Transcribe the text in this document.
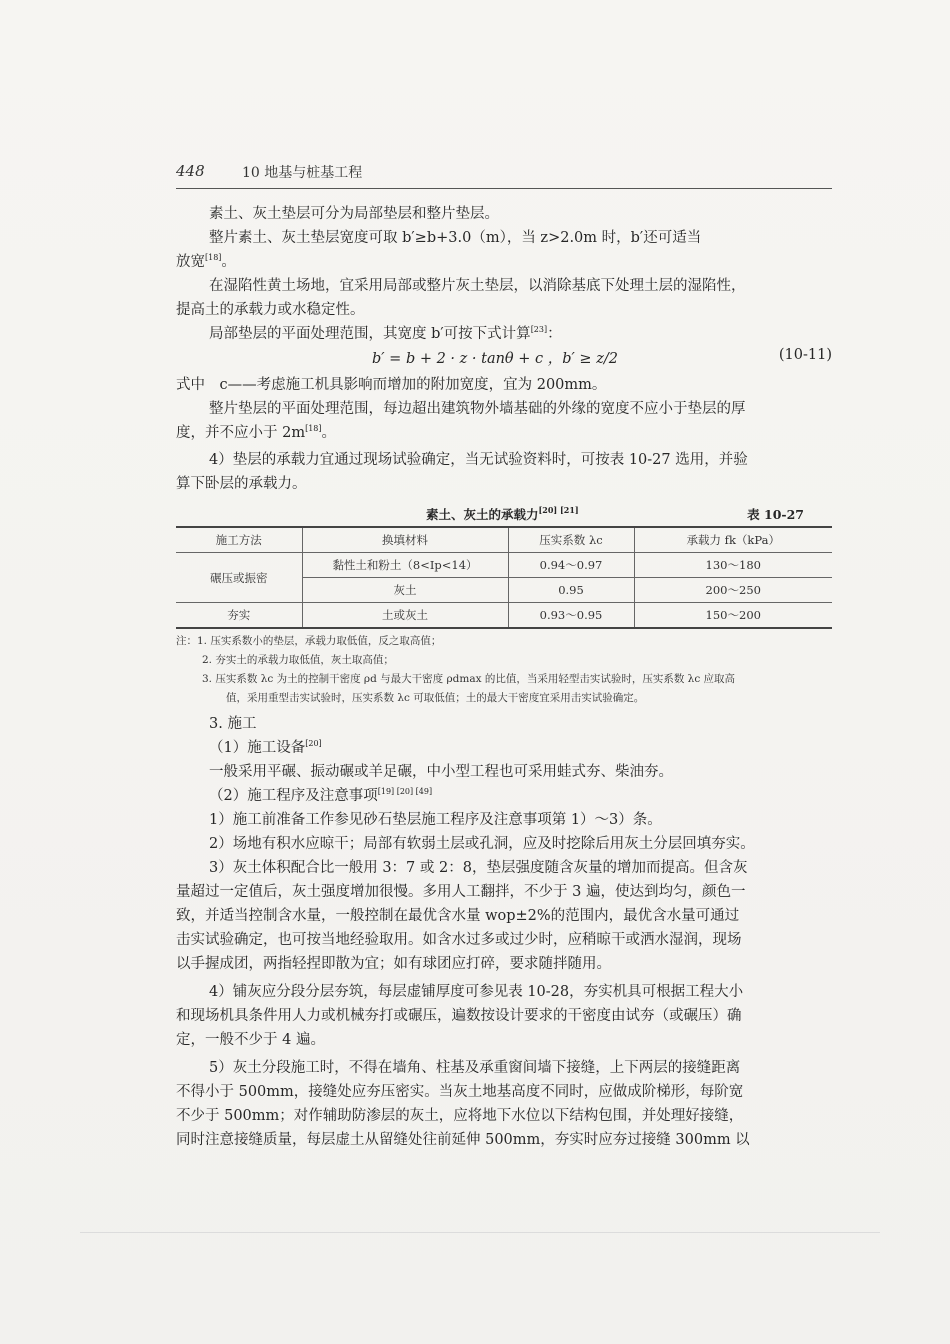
448	10 地基与桩基工程

素土、灰土垫层可分为局部垫层和整片垫层。

整片素土、灰土垫层宽度可取 b′≥b+3.0（m），当 z>2.0m 时，b′还可适当

放宽[18]。

在湿陷性黄土场地，宜采用局部或整片灰土垫层，以消除基底下处理土层的湿陷性，

提高土的承载力或水稳定性。

局部垫层的平面处理范围，其宽度 b′可按下式计算[23]：

b′ = b + 2 · z · tanθ + c ，b′ ≥ z/2	(10-11)

式中　c——考虑施工机具影响而增加的附加宽度，宜为 200mm。

整片垫层的平面处理范围，每边超出建筑物外墙基础的外缘的宽度不应小于垫层的厚

度，并不应小于 2m[18]。

4）垫层的承载力宜通过现场试验确定，当无试验资料时，可按表 10-27 选用，并验

算下卧层的承载力。

素土、灰土的承载力[20] [21]	表 10-27
施工方法	换填材料	压实系数 λc	承载力 fk（kPa）
碾压或振密	黏性土和粉土（8<Ip<14）	0.94～0.97	130～180
	灰土	0.95	200～250
夯实	土或灰土	0.93～0.95	150～200

注：1. 压实系数小的垫层，承载力取低值，反之取高值；

2. 夯实土的承载力取低值，灰土取高值；

3. 压实系数 λc 为土的控制干密度 ρd 与最大干密度 ρdmax 的比值，当采用轻型击实试验时，压实系数 λc 应取高

值，采用重型击实试验时，压实系数 λc 可取低值；土的最大干密度宜采用击实试验确定。

3. 施工

（1）施工设备[20]

一般采用平碾、振动碾或羊足碾，中小型工程也可采用蛙式夯、柴油夯。

（2）施工程序及注意事项[19] [20] [49]

1）施工前准备工作参见砂石垫层施工程序及注意事项第 1）～3）条。

2）场地有积水应晾干；局部有软弱土层或孔洞，应及时挖除后用灰土分层回填夯实。

3）灰土体积配合比一般用 3：7 或 2：8，垫层强度随含灰量的增加而提高。但含灰

量超过一定值后，灰土强度增加很慢。多用人工翻拌，不少于 3 遍，使达到均匀，颜色一

致，并适当控制含水量，一般控制在最优含水量 wop±2%的范围内，最优含水量可通过

击实试验确定，也可按当地经验取用。如含水过多或过少时，应稍晾干或洒水湿润，现场

以手握成团，两指轻捏即散为宜；如有球团应打碎，要求随拌随用。

4）铺灰应分段分层夯筑，每层虚铺厚度可参见表 10-28，夯实机具可根据工程大小

和现场机具条件用人力或机械夯打或碾压，遍数按设计要求的干密度由试夯（或碾压）确

定，一般不少于 4 遍。

5）灰土分段施工时，不得在墙角、柱基及承重窗间墙下接缝，上下两层的接缝距离

不得小于 500mm，接缝处应夯压密实。当灰土地基高度不同时，应做成阶梯形，每阶宽

不少于 500mm；对作辅助防渗层的灰土，应将地下水位以下结构包围，并处理好接缝，

同时注意接缝质量，每层虚土从留缝处往前延伸 500mm，夯实时应夯过接缝 300mm 以
